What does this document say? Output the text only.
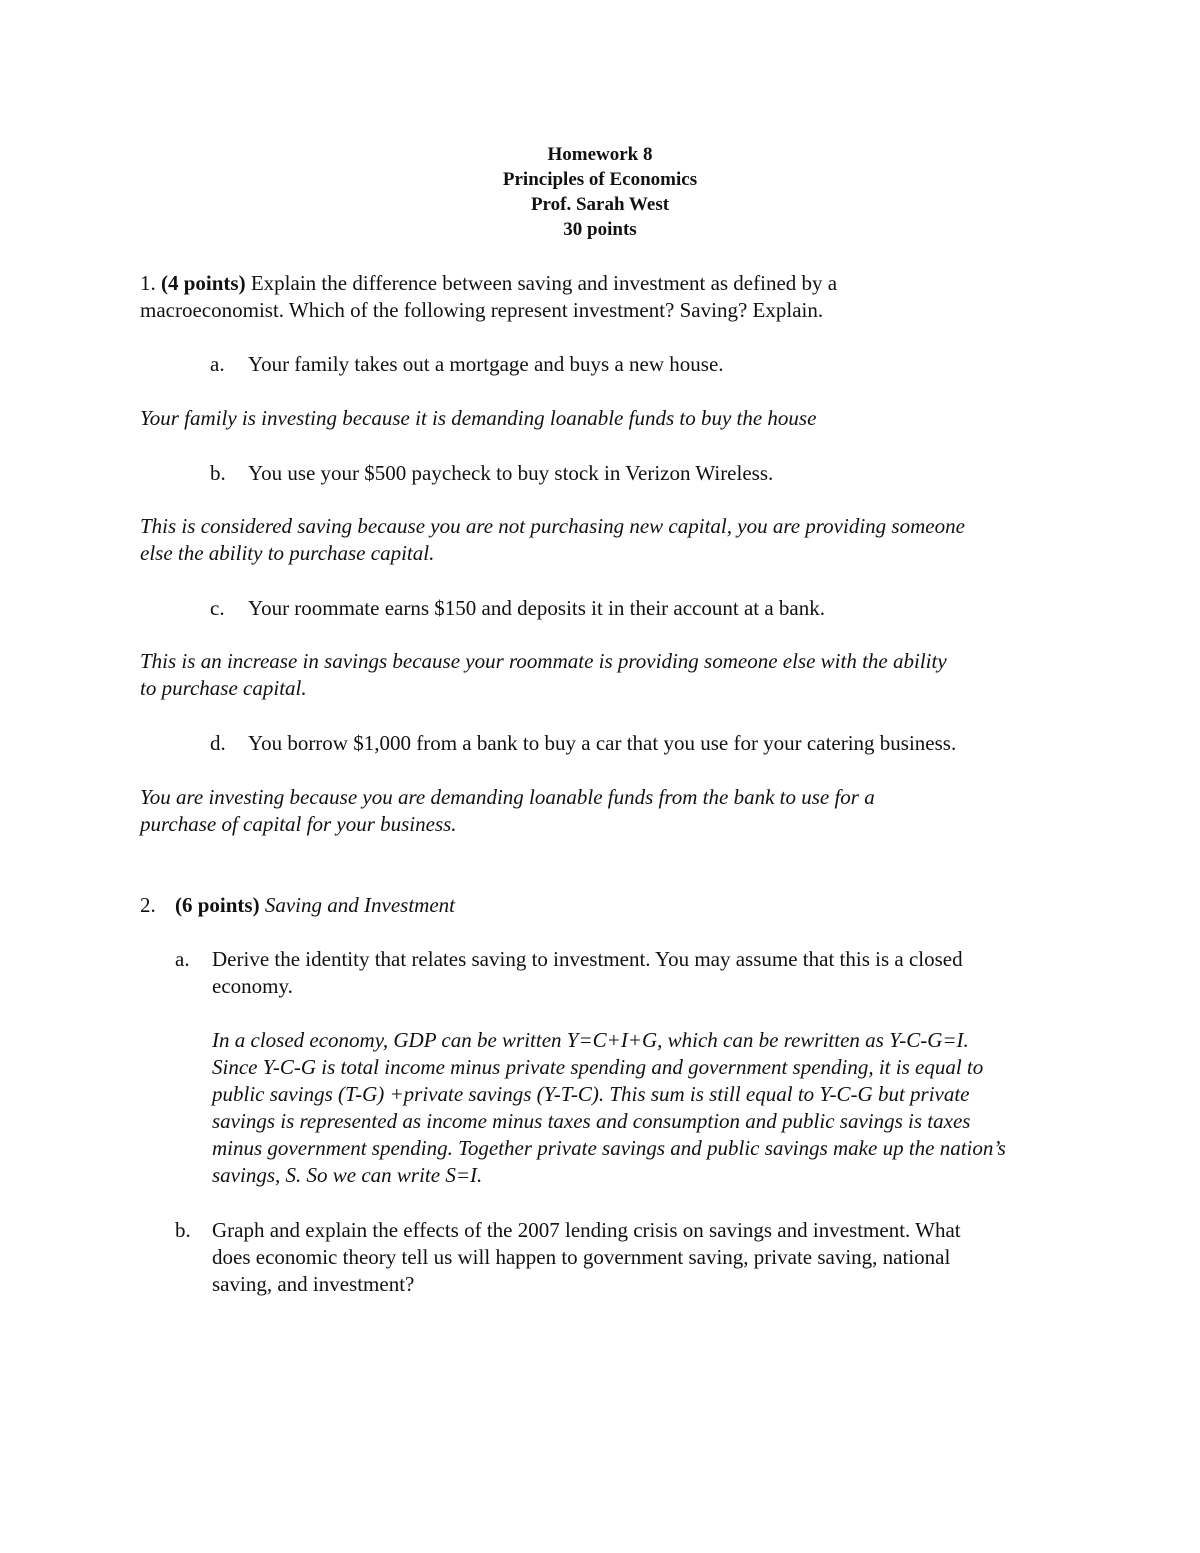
Homework 8
Principles of Economics
Prof. Sarah West
30 points
1. (4 points) Explain the difference between saving and investment as defined by a
macroeconomist. Which of the following represent investment? Saving? Explain.
a. Your family takes out a mortgage and buys a new house.
Your family is investing because it is demanding loanable funds to buy the house
b. You use your $500 paycheck to buy stock in Verizon Wireless.
This is considered saving because you are not purchasing new capital, you are providing someone
else the ability to purchase capital.
c. Your roommate earns $150 and deposits it in their account at a bank.
This is an increase in savings because your roommate is providing someone else with the ability
to purchase capital.
d. You borrow $1,000 from a bank to buy a car that you use for your catering business.
You are investing because you are demanding loanable funds from the bank to use for a
purchase of capital for your business.
2. (6 points) Saving and Investment
a. Derive the identity that relates saving to investment. You may assume that this is a closed
economy.
In a closed economy, GDP can be written Y=C+I+G, which can be rewritten as Y-C-G=I.
Since Y-C-G is total income minus private spending and government spending, it is equal to
public savings (T-G) +private savings (Y-T-C). This sum is still equal to Y-C-G but private
savings is represented as income minus taxes and consumption and public savings is taxes
minus government spending. Together private savings and public savings make up the nation’s
savings, S. So we can write S=I.
b. Graph and explain the effects of the 2007 lending crisis on savings and investment. What
does economic theory tell us will happen to government saving, private saving, national
saving, and investment?
